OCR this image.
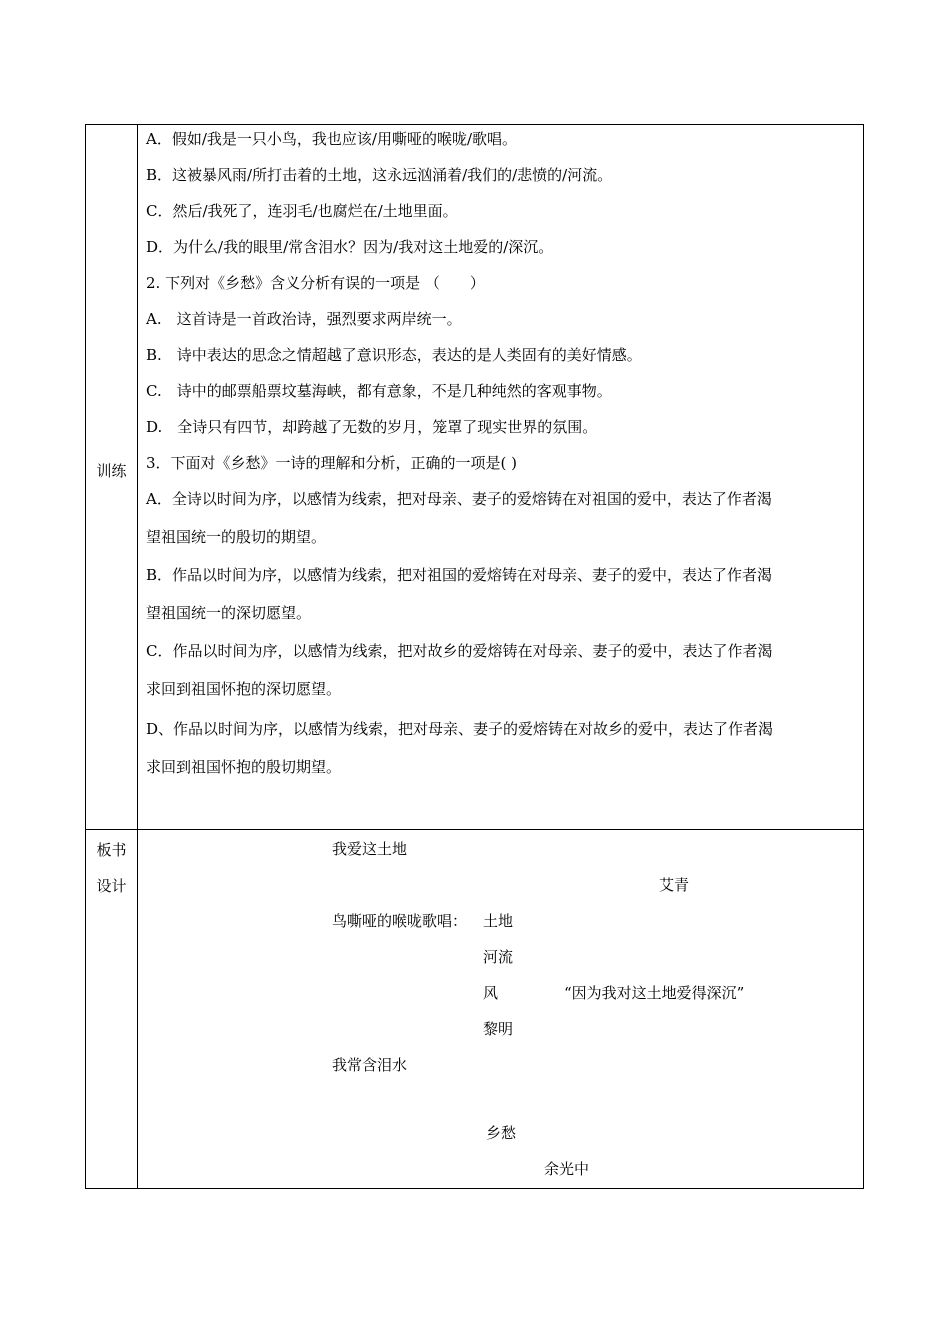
训练
A．假如/我是一只小鸟，我也应该/用嘶哑的喉咙/歌唱。
B．这被暴风雨/所打击着的土地，这永远汹涌着/我们的/悲愤的/河流。
C．然后/我死了，连羽毛/也腐烂在/土地里面。
D．为什么/我的眼里/常含泪水？因为/我对这土地爱的/深沉。
2. 下列对《乡愁》含义分析有误的一项是 （　　）
A.　这首诗是一首政治诗，强烈要求两岸统一。
B.　诗中表达的思念之情超越了意识形态，表达的是人类固有的美好情感。
C.　诗中的邮票船票坟墓海峡，都有意象，不是几种纯然的客观事物。
D.　全诗只有四节，却跨越了无数的岁月，笼罩了现实世界的氛围。
3．下面对《乡愁》一诗的理解和分析，正确的一项是( )
A．全诗以时间为序，以感情为线索，把对母亲、妻子的爱熔铸在对祖国的爱中，表达了作者渴
望祖国统一的殷切的期望。
B．作品以时间为序，以感情为线索，把对祖国的爱熔铸在对母亲、妻子的爱中，表达了作者渴
望祖国统一的深切愿望。
C．作品以时间为序，以感情为线索，把对故乡的爱熔铸在对母亲、妻子的爱中，表达了作者渴
求回到祖国怀抱的深切愿望。
D、作品以时间为序，以感情为线索，把对母亲、妻子的爱熔铸在对故乡的爱中，表达了作者渴
求回到祖国怀抱的殷切期望。
板书
设计
我爱这土地
艾青
鸟嘶哑的喉咙歌唱： 土地
河流
风	“因为我对这土地爱得深沉”
黎明
我常含泪水
乡愁
余光中
